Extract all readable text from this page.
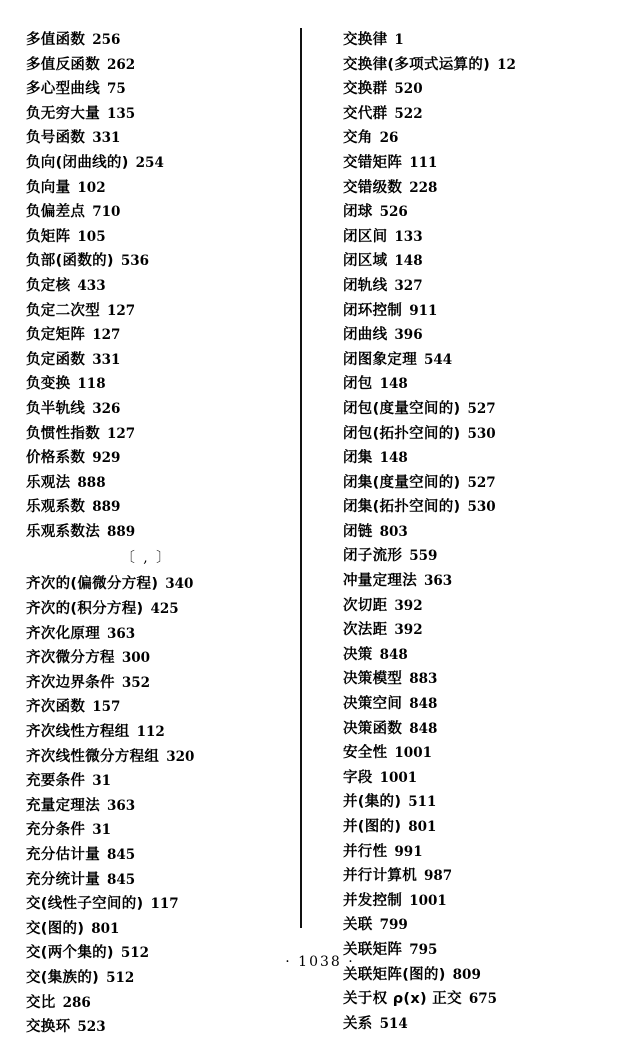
多值函数 256
多值反函数 262
多心型曲线 75
负无穷大量 135
负号函数 331
负向(闭曲线的) 254
负向量 102
负偏差点 710
负矩阵 105
负部(函数的) 536
负定核 433
负定二次型 127
负定矩阵 127
负定函数 331
负变换 118
负半轨线 326
负惯性指数 127
价格系数 929
乐观法 888
乐观系数 889
乐观系数法 889
〔 , 〕
齐次的(偏微分方程) 340
齐次的(积分方程) 425
齐次化原理 363
齐次微分方程 300
齐次边界条件 352
齐次函数 157
齐次线性方程组 112
齐次线性微分方程组 320
充要条件 31
充量定理法 363
充分条件 31
充分估计量 845
充分统计量 845
交(线性子空间的) 117
交(图的) 801
交(两个集的) 512
交(集族的) 512
交比 286
交换环 523
交换律 1
交换律(多项式运算的) 12
交换群 520
交代群 522
交角 26
交错矩阵 111
交错级数 228
闭球 526
闭区间 133
闭区域 148
闭轨线 327
闭环控制 911
闭曲线 396
闭图象定理 544
闭包 148
闭包(度量空间的) 527
闭包(拓扑空间的) 530
闭集 148
闭集(度量空间的) 527
闭集(拓扑空间的) 530
闭链 803
闭子流形 559
冲量定理法 363
次切距 392
次法距 392
决策 848
决策模型 883
决策空间 848
决策函数 848
安全性 1001
字段 1001
并(集的) 511
并(图的) 801
并行性 991
并行计算机 987
并发控制 1001
关联 799
关联矩阵 795
关联矩阵(图的) 809
关于权 ρ(x) 正交 675
关系 514
· 1038 ·
